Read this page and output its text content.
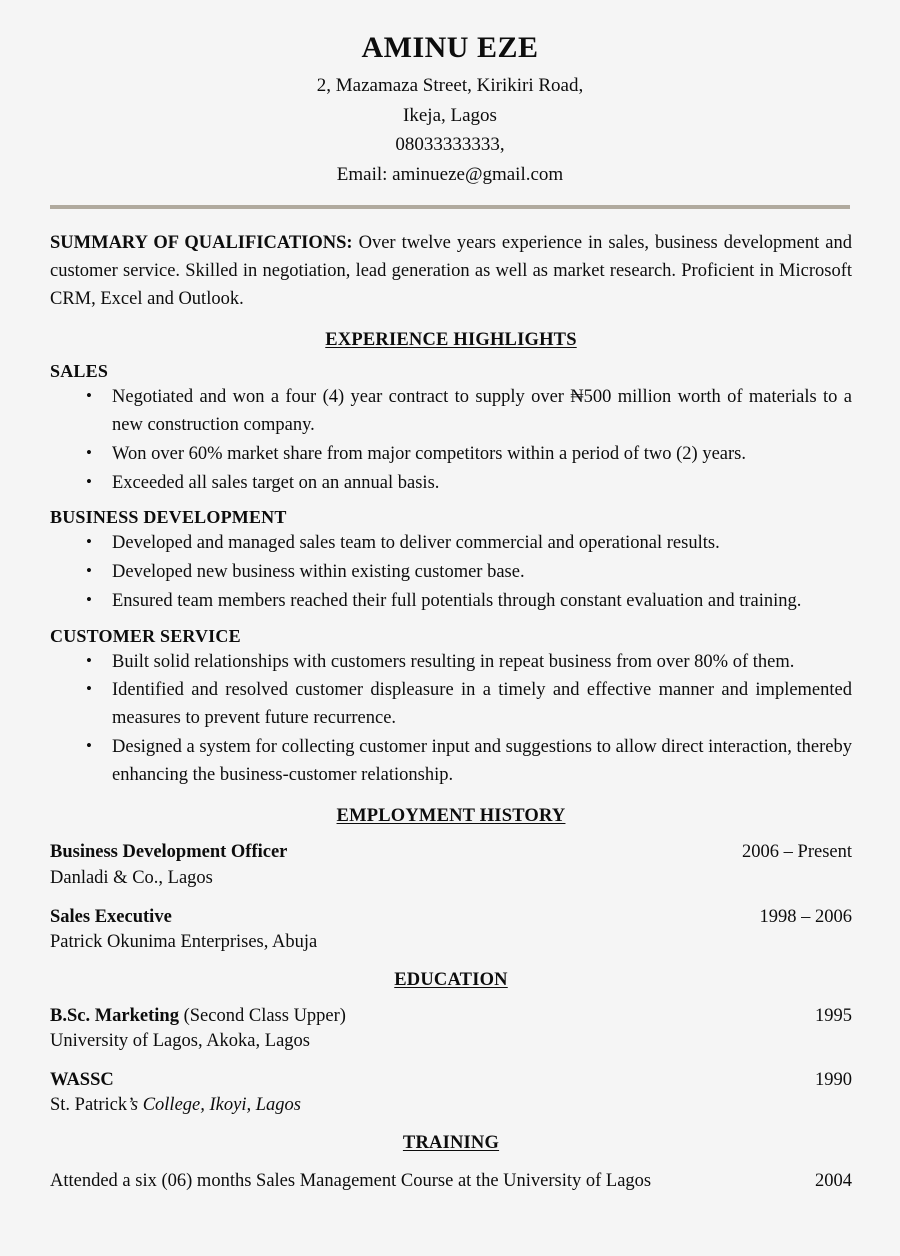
AMINU EZE
2, Mazamaza Street, Kirikiri Road,
Ikeja, Lagos
08033333333,
Email: aminueze@gmail.com

SUMMARY OF QUALIFICATIONS: Over twelve years experience in sales, business development and customer service. Skilled in negotiation, lead generation as well as market research. Proficient in Microsoft CRM, Excel and Outlook.

EXPERIENCE HIGHLIGHTS
SALES
• Negotiated and won a four (4) year contract to supply over ₦500 million worth of materials to a new construction company.
• Won over 60% market share from major competitors within a period of two (2) years.
• Exceeded all sales target on an annual basis.
BUSINESS DEVELOPMENT
• Developed and managed sales team to deliver commercial and operational results.
• Developed new business within existing customer base.
• Ensured team members reached their full potentials through constant evaluation and training.
CUSTOMER SERVICE
• Built solid relationships with customers resulting in repeat business from over 80% of them.
• Identified and resolved customer displeasure in a timely and effective manner and implemented measures to prevent future recurrence.
• Designed a system for collecting customer input and suggestions to allow direct interaction, thereby enhancing the business-customer relationship.
EMPLOYMENT HISTORY
Business Development Officer	2006 – Present
Danladi & Co., Lagos
Sales Executive	1998 – 2006
Patrick Okunima Enterprises, Abuja
EDUCATION
B.Sc. Marketing (Second Class Upper)	1995
University of Lagos, Akoka, Lagos
WASSC	1990
St. Patrick’s College, Ikoyi, Lagos
TRAINING
Attended a six (06) months Sales Management Course at the University of Lagos	2004
